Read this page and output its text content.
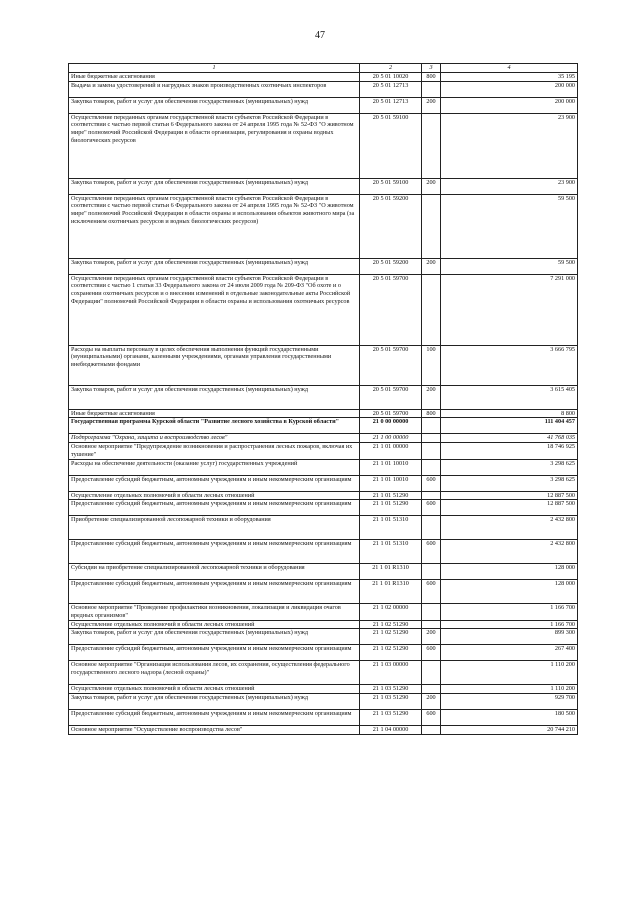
47
1	2	3	4
Иные бюджетные ассигнования	20 5 01 10020	800	35 195
Выдача и замена удостоверений и нагрудных знаков производственных охотничьих инспекторов	20 5 01 12713		200 000
Закупка товаров, работ и услуг для обеспечения государственных (муниципальных) нужд	20 5 01 12713	200	200 000
Осуществление переданных органам государственной власти субъектов Российской Федерации в соответствии с частью первой статьи 6 Федерального закона от 24 апреля 1995 года № 52-ФЗ "О животном мире" полномочий Российской Федерации в области организации, регулирования и охраны водных биологических ресурсов	20 5 01 59100		23 900
Закупка товаров, работ и услуг для обеспечения государственных (муниципальных) нужд	20 5 01 59100	200	23 900
Осуществление переданных органам государственной власти субъектов Российской Федерации в соответствии с частью первой статьи 6 Федерального закона от 24 апреля 1995 года № 52-ФЗ "О животном мире" полномочий Российской Федерации в области охраны и использования объектов животного мира (за исключением охотничьих ресурсов и водных биологических ресурсов)	20 5 01 59200		59 500
Закупка товаров, работ и услуг для обеспечения государственных (муниципальных) нужд	20 5 01 59200	200	59 500
Осуществление переданных органам государственной власти субъектов Российской Федерации в соответствии с частью 1 статьи 33 Федерального закона от 24 июля 2009 года № 209-ФЗ "Об охоте и о сохранении охотничьих ресурсов и о внесении изменений в отдельные законодательные акты Российской Федерации" полномочий Российской Федерации в области охраны и использования охотничьих ресурсов	20 5 01 59700		7 291 000
Расходы на выплаты персоналу в целях обеспечения выполнения функций государственными (муниципальными) органами, казенными учреждениями, органами управления государственными внебюджетными фондами	20 5 01 59700	100	3 666 795
Закупка товаров, работ и услуг для обеспечения государственных (муниципальных) нужд	20 5 01 59700	200	3 615 405
Иные бюджетные ассигнования	20 5 01 59700	800	8 800
Государственная программа Курской области "Развитие лесного хозяйства в Курской области"	21 0 00 00000		111 404 457
Подпрограмма "Охрана, защита и воспроизводство лесов"	21 1 00 00000		41 768 035
Основное мероприятие "Предупреждение возникновения и распространения лесных пожаров, включая их тушение"	21 1 01 00000		18 746 925
Расходы на обеспечение деятельности (оказание услуг) государственных учреждений	21 1 01 10010		3 298 625
Предоставление субсидий бюджетным, автономным учреждениям и иным некоммерческим организациям	21 1 01 10010	600	3 298 625
Осуществление отдельных полномочий в области лесных отношений	21 1 01 51290		12 887 500
Предоставление субсидий бюджетным, автономным учреждениям и иным некоммерческим организациям	21 1 01 51290	600	12 887 500
Приобретение специализированной лесопожарной техники и оборудования	21 1 01 51310		2 432 800
Предоставление субсидий бюджетным, автономным учреждениям и иным некоммерческим организациям	21 1 01 51310	600	2 432 800
Субсидии на приобретение специализированной лесопожарной техники и оборудования	21 1 01 R1310		128 000
Предоставление субсидий бюджетным, автономным учреждениям и иным некоммерческим организациям	21 1 01 R1310	600	128 000
Основное мероприятие "Проведение профилактики возникновения, локализация и ликвидация очагов вредных организмов"	21 1 02 00000		1 166 700
Осуществление отдельных полномочий в области лесных отношений	21 1 02 51290		1 166 700
Закупка товаров, работ и услуг для обеспечения государственных (муниципальных) нужд	21 1 02 51290	200	899 300
Предоставление субсидий бюджетным, автономным учреждениям и иным некоммерческим организациям	21 1 02 51290	600	267 400
Основное мероприятие "Организация использования лесов, их сохранения, осуществления федерального государственного лесного надзора (лесной охраны)"	21 1 03 00000		1 110 200
Осуществление отдельных полномочий в области лесных отношений	21 1 03 51290		1 110 200
Закупка товаров, работ и услуг для обеспечения государственных (муниципальных) нужд	21 1 03 51290	200	929 700
Предоставление субсидий бюджетным, автономным учреждениям и иным некоммерческим организациям	21 1 03 51290	600	180 500
Основное мероприятие "Осуществление воспроизводства лесов"	21 1 04 00000		20 744 210
